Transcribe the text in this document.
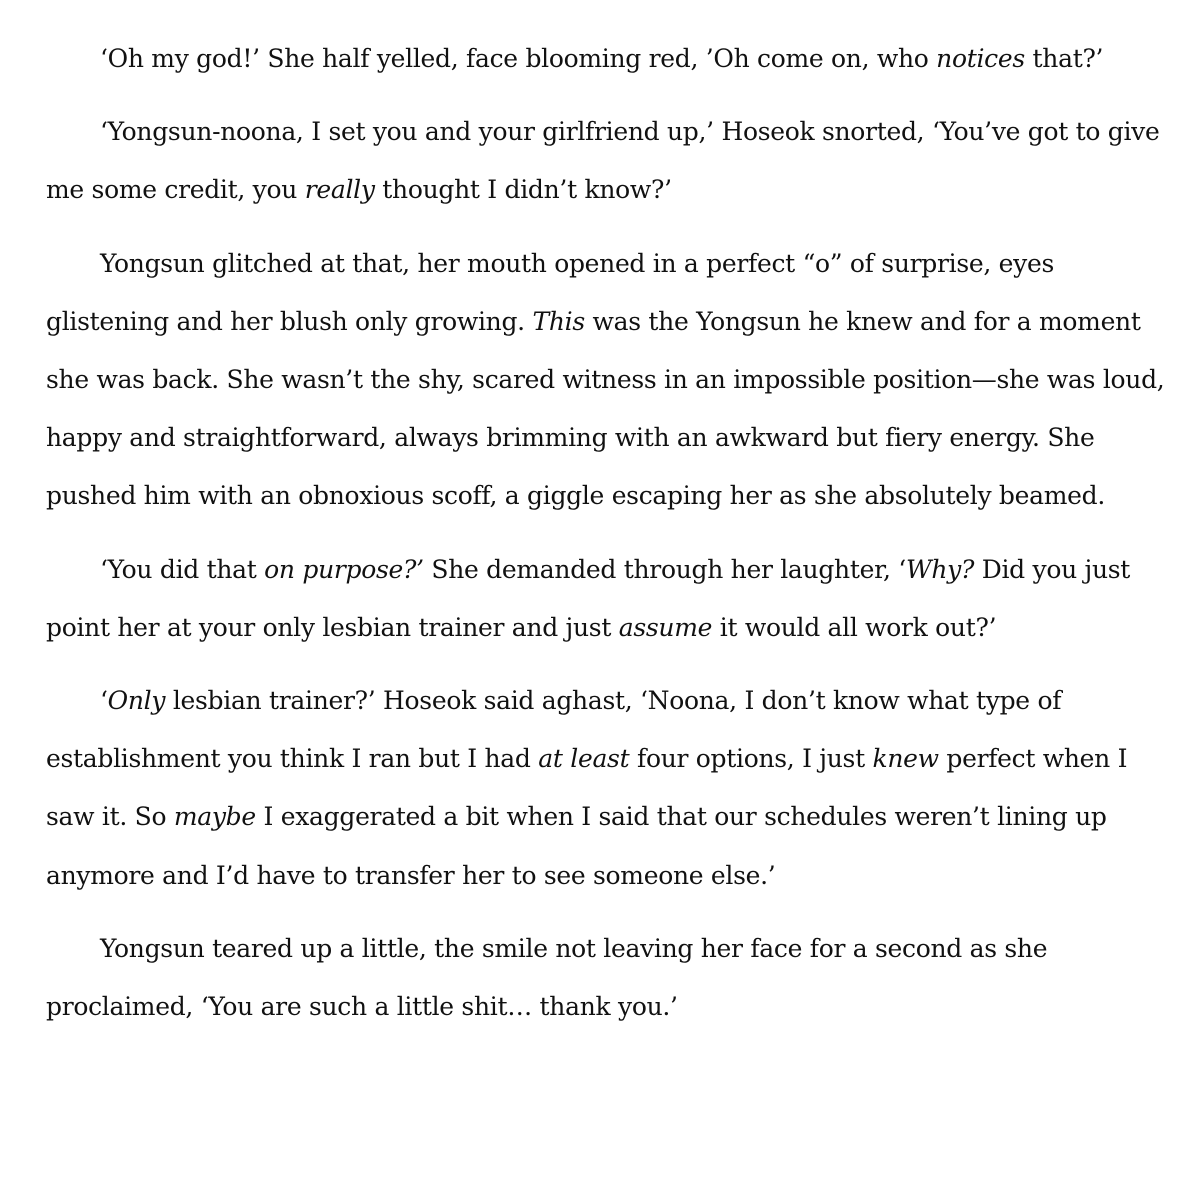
‘Oh my god!’ She half yelled, face blooming red, ’Oh come on, who notices that?’

‘Yongsun-noona, I set you and your girlfriend up,’ Hoseok snorted, ‘You’ve got to give me some credit, you really thought I didn’t know?’

Yongsun glitched at that, her mouth opened in a perfect “o” of surprise, eyes glistening and her blush only growing. This was the Yongsun he knew and for a moment she was back. She wasn’t the shy, scared witness in an impossible position—she was loud, happy and straightforward, always brimming with an awkward but fiery energy. She pushed him with an obnoxious scoff, a giggle escaping her as she absolutely beamed.

‘You did that on purpose?’ She demanded through her laughter, ‘Why? Did you just point her at your only lesbian trainer and just assume it would all work out?’

‘Only lesbian trainer?’ Hoseok said aghast, ‘Noona, I don’t know what type of establishment you think I ran but I had at least four options, I just knew perfect when I saw it. So maybe I exaggerated a bit when I said that our schedules weren’t lining up anymore and I’d have to transfer her to see someone else.’

Yongsun teared up a little, the smile not leaving her face for a second as she proclaimed, ‘You are such a little shit… thank you.’
